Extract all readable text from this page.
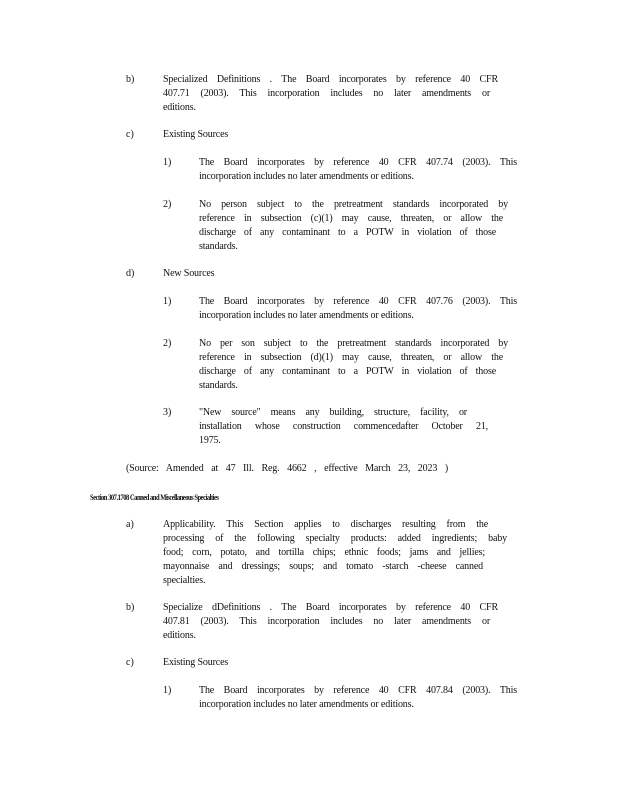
b)	Specialized Definitions . The Board incorporates by reference 40 CFR
407.71 (2003). This incorporation includes no later amendments or
editions.
c)	Existing Sources
1)	The Board incorporates by reference 40 CFR 407.74 (2003). This
incorporation includes no later amendments or editions.
2)	No person subject to the pretreatment standards incorporated by
reference in subsection (c)(1) may cause, threaten, or allow the
discharge of any contaminant to a POTW in violation of those
standards.
d)	New Sources
1)	The Board incorporates by reference 40 CFR 407.76 (2003). This
incorporation includes no later amendments or editions.
2)	No per son subject to the pretreatment standards incorporated by
reference in subsection (d)(1) may cause, threaten, or allow the
discharge of any contaminant to a POTW in violation of those
standards.
3)	"New source" means any building, structure, facility, or
installation whose construction commencedafter October 21,
1975.
(Source: Amended at 47 Ill. Reg. 4662 , effective March 23, 2023 )
Section 307.1708 Canned and Miscellaneous Specialties
a)	Applicability. This Section applies to discharges resulting from the
processing of the following specialty products: added ingredients; baby
food; corn, potato, and tortilla chips; ethnic foods; jams and jellies;
mayonnaise and dressings; soups; and tomato -starch -cheese canned
specialties.
b)	Specialize dDefinitions . The Board incorporates by reference 40 CFR
407.81 (2003). This incorporation includes no later amendments or
editions.
c)	Existing Sources
1)	The Board incorporates by reference 40 CFR 407.84 (2003). This
incorporation includes no later amendments or editions.
